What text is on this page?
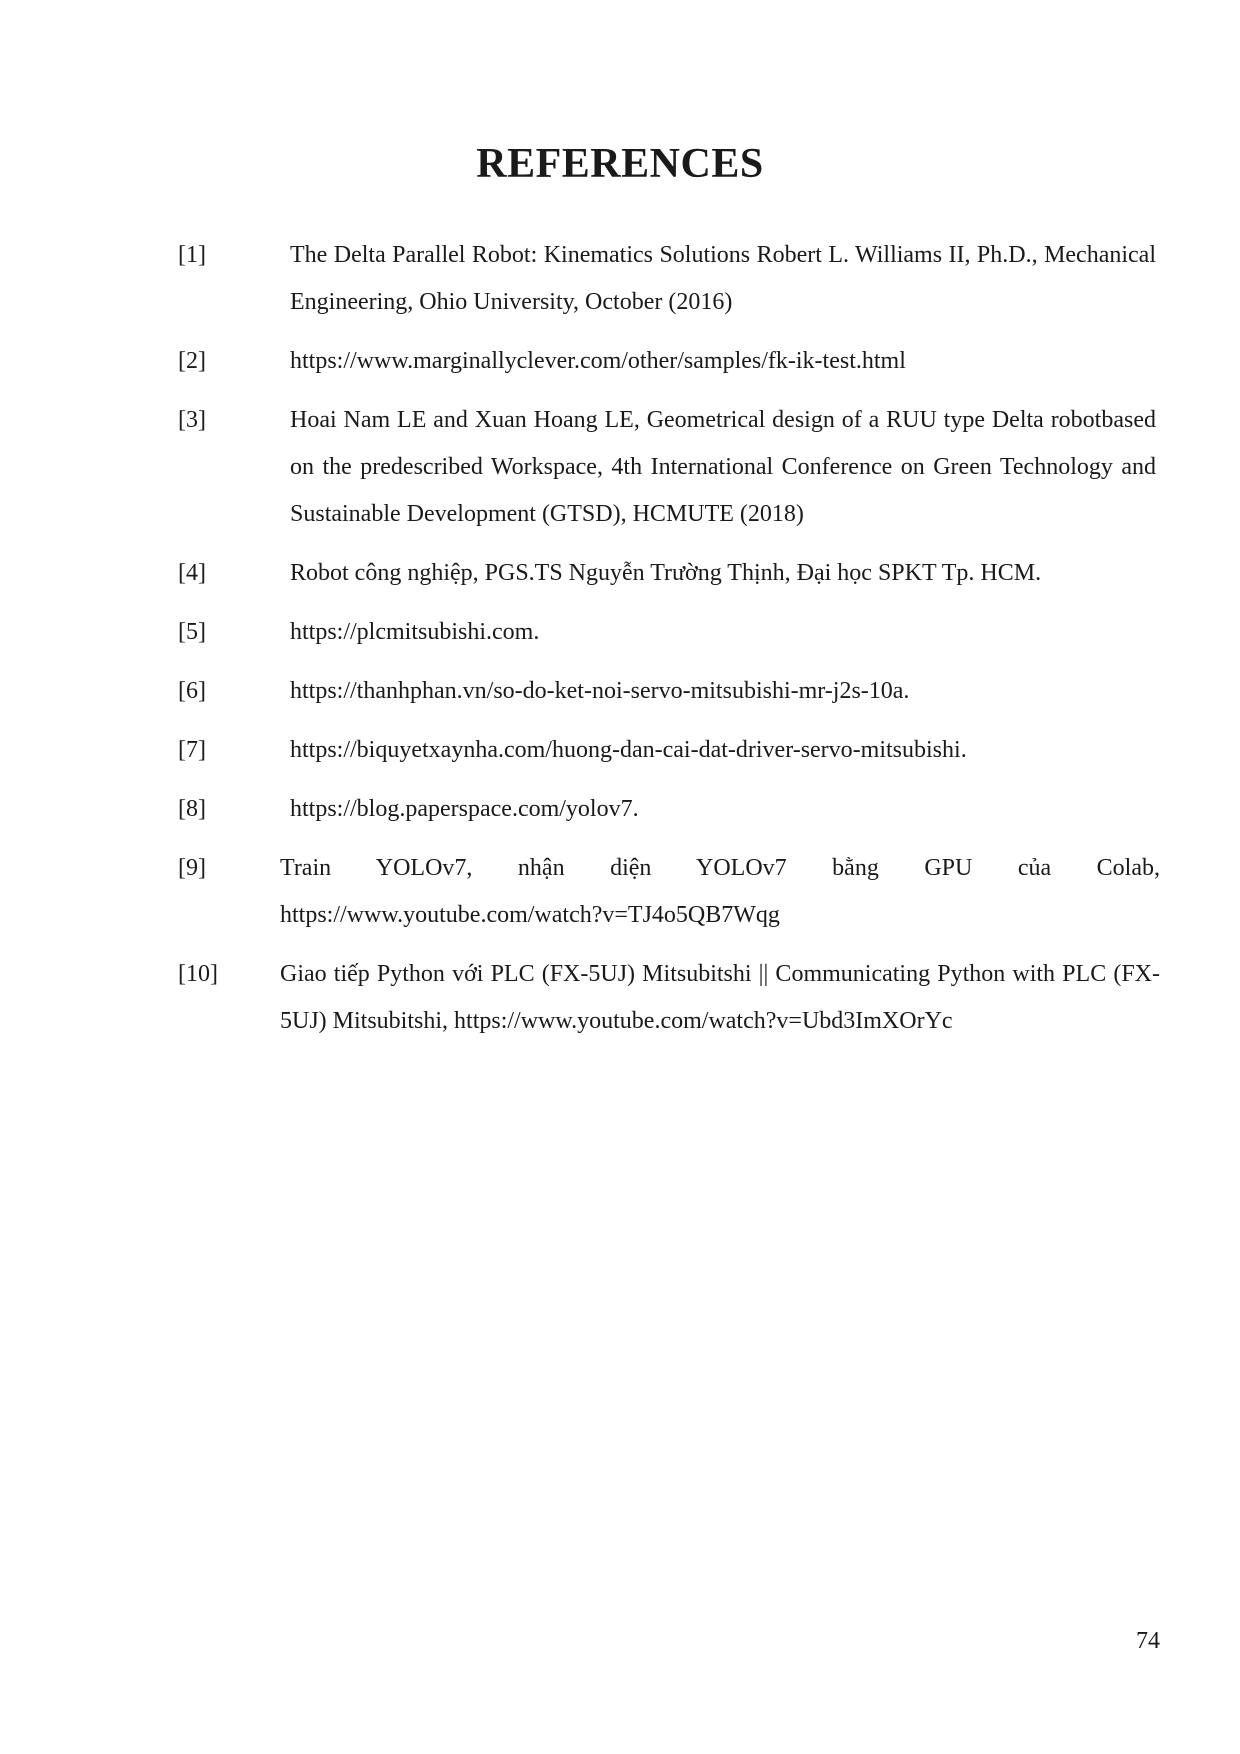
REFERENCES
[1]	The Delta Parallel Robot: Kinematics Solutions Robert L. Williams II, Ph.D., Mechanical Engineering, Ohio University, October (2016)
[2]	https://www.marginallyclever.com/other/samples/fk-ik-test.html
[3]	Hoai Nam LE and Xuan Hoang LE, Geometrical design of a RUU type Delta robotbased on the predescribed Workspace, 4th International Conference on Green Technology and Sustainable Development (GTSD), HCMUTE (2018)
[4]	Robot công nghiệp, PGS.TS Nguyễn Trường Thịnh, Đại học SPKT Tp. HCM.
[5]	https://plcmitsubishi.com.
[6]	https://thanhphan.vn/so-do-ket-noi-servo-mitsubishi-mr-j2s-10a.
[7]	https://biquyetxaynha.com/huong-dan-cai-dat-driver-servo-mitsubishi.
[8]	https://blog.paperspace.com/yolov7.
[9]	Train YOLOv7, nhận diện YOLOv7 bằng GPU của Colab, https://www.youtube.com/watch?v=TJ4o5QB7Wqg
[10]	Giao tiếp Python với PLC (FX-5UJ) Mitsubitshi || Communicating Python with PLC (FX-5UJ) Mitsubitshi, https://www.youtube.com/watch?v=Ubd3ImXOrYc
74
